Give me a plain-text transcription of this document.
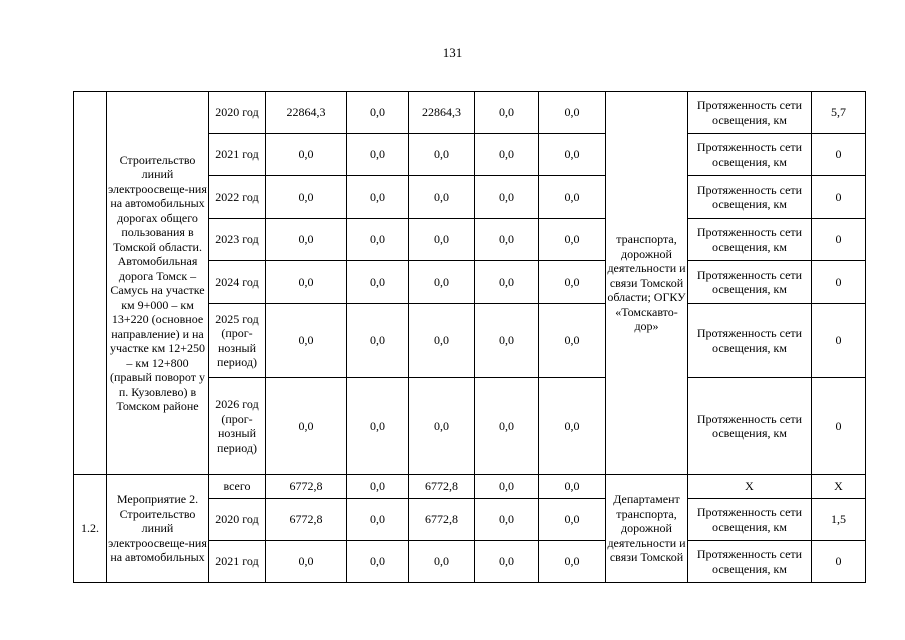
131
	Строительство линий электроосвеще-ния на автомобильных дорогах общего пользования в Томской области. Автомобильная дорога Томск – Самусь на участке км 9+000 – км 13+220 (основное направление) и на участке км 12+250 – км 12+800 (правый поворот у п. Кузовлево) в Томском районе	2020 год	22864,3	0,0	22864,3	0,0	0,0	транспорта, дорожной деятельности и связи Томской области; ОГКУ «Томскавто-дор»	Протяженность сети освещения, км	5,7
		2021 год	0,0	0,0	0,0	0,0	0,0		Протяженность сети освещения, км	0
		2022 год	0,0	0,0	0,0	0,0	0,0		Протяженность сети освещения, км	0
		2023 год	0,0	0,0	0,0	0,0	0,0		Протяженность сети освещения, км	0
		2024 год	0,0	0,0	0,0	0,0	0,0		Протяженность сети освещения, км	0
		2025 год (прог-нозный период)	0,0	0,0	0,0	0,0	0,0		Протяженность сети освещения, км	0
		2026 год (прог-нозный период)	0,0	0,0	0,0	0,0	0,0		Протяженность сети освещения, км	0
1.2.	Мероприятие 2. Строительство линий электроосвеще-ния на автомобильных	всего	6772,8	0,0	6772,8	0,0	0,0	Департамент транспорта, дорожной деятельности и связи Томской	Х	Х
		2020 год	6772,8	0,0	6772,8	0,0	0,0		Протяженность сети освещения, км	1,5
		2021 год	0,0	0,0	0,0	0,0	0,0		Протяженность сети освещения, км	0
